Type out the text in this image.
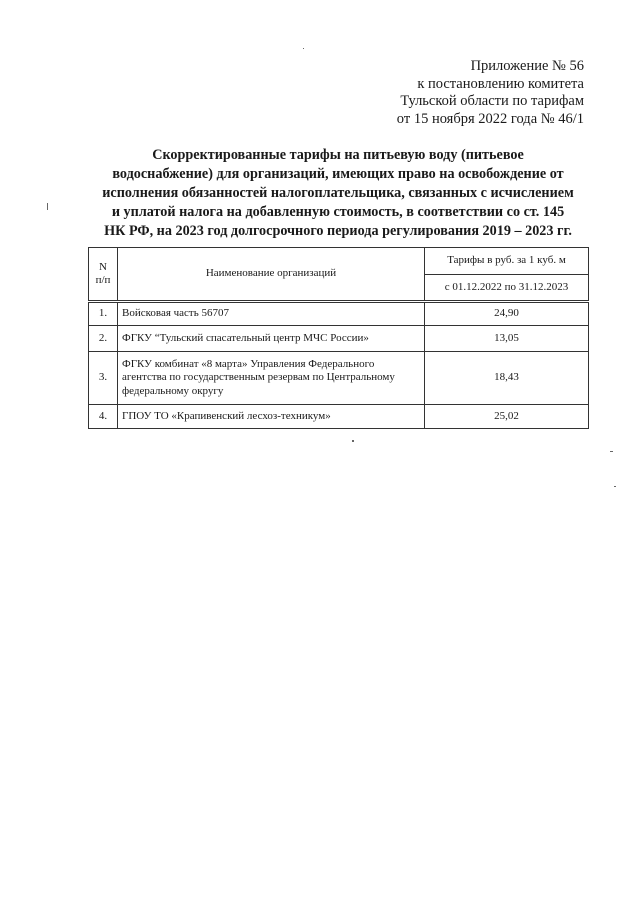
Приложение № 56
к постановлению комитета
Тульской области по тарифам
от 15 ноября 2022 года № 46/1
Скорректированные тарифы на питьевую воду (питьевое
водоснабжение) для организаций, имеющих право на освобождение от
исполнения обязанностей налогоплательщика, связанных с исчислением
и уплатой налога на добавленную стоимость, в соответствии со ст. 145
НК РФ, на 2023 год долгосрочного периода регулирования 2019 – 2023 гг.
N
п/п	Наименование организаций	Тарифы в руб. за 1 куб. м
		с 01.12.2022 по 31.12.2023
1.	Войсковая часть 56707	24,90
2.	ФГКУ “Тульский спасательный центр МЧС России»	13,05
3.	ФГКУ комбинат «8 марта» Управления Федерального
агентства по государственным резервам по Центральному
федеральному округу	18,43
4.	ГПОУ ТО «Крапивенский лесхоз-техникум»	25,02
